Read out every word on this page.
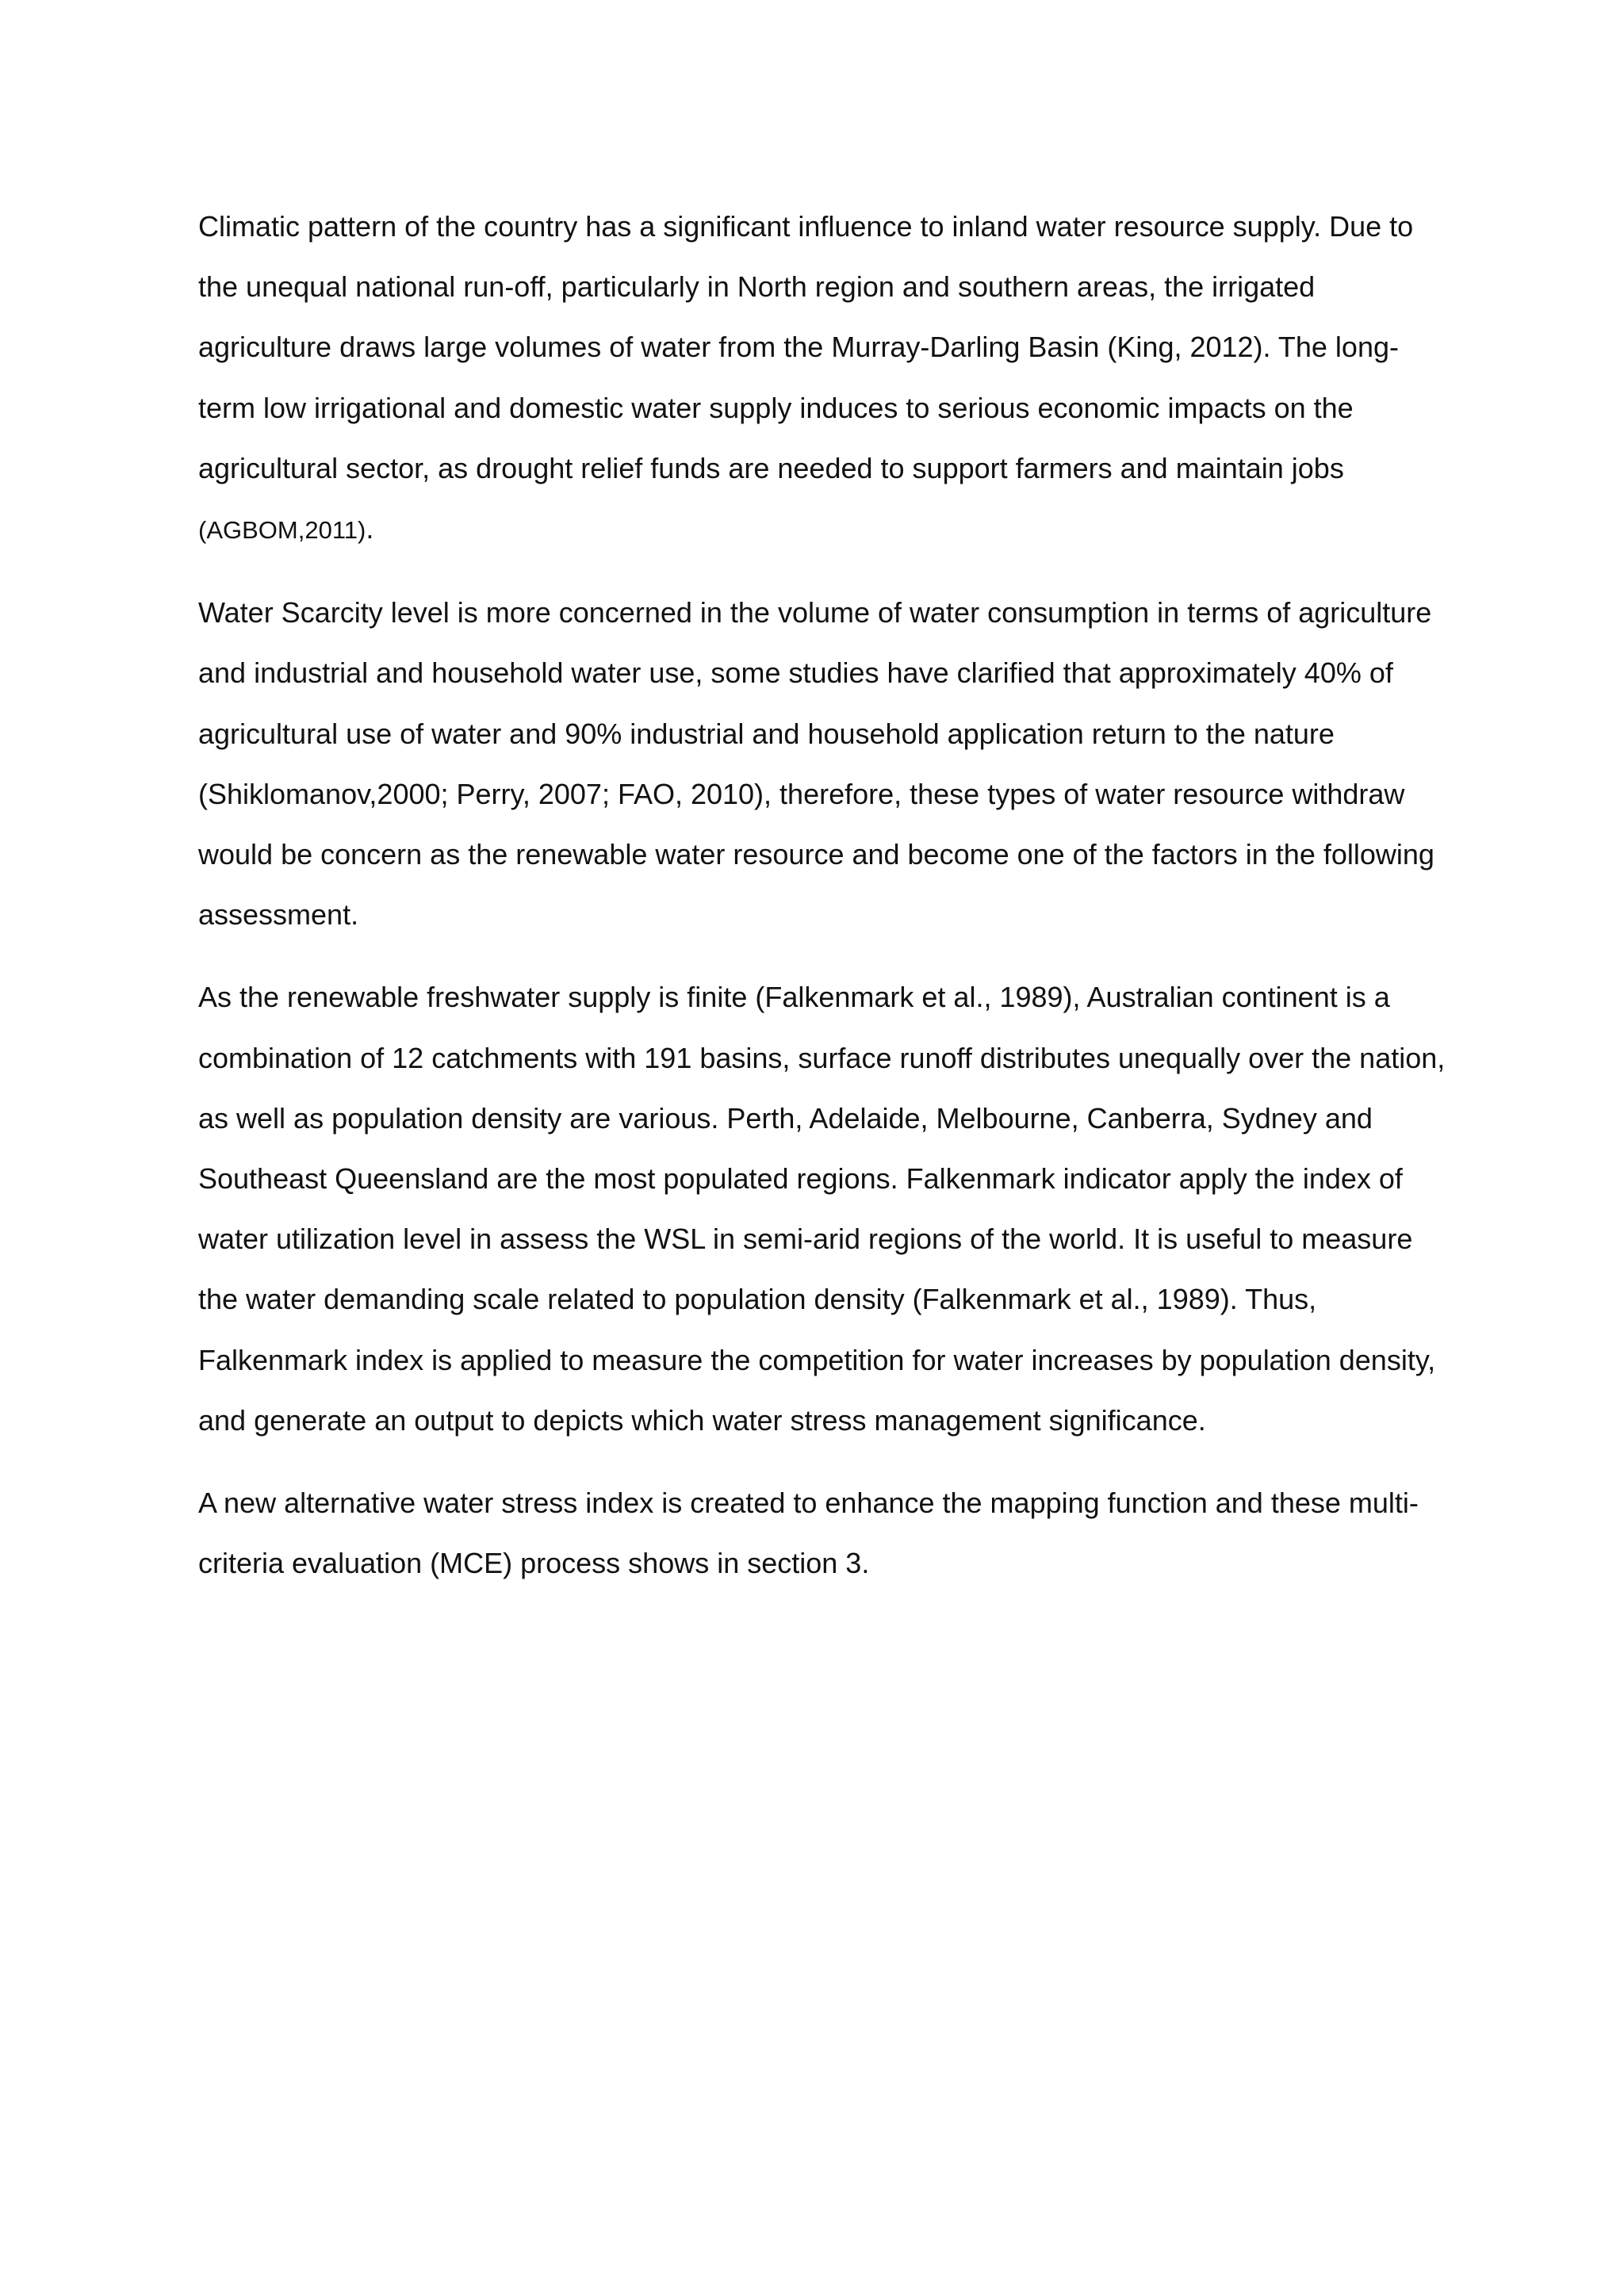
Climatic pattern of the country has a significant influence to inland water resource supply. Due to the unequal national run-off, particularly in North region and southern areas, the irrigated agriculture draws large volumes of water from the Murray-Darling Basin (King, 2012). The long-term low irrigational and domestic water supply induces to serious economic impacts on the agricultural sector, as drought relief funds are needed to support farmers and maintain jobs (AGBOM,2011).

Water Scarcity level is more concerned in the volume of water consumption in terms of agriculture and industrial and household water use, some studies have clarified that approximately 40% of agricultural use of water and 90% industrial and household application return to the nature (Shiklomanov,2000; Perry, 2007; FAO, 2010), therefore, these types of water resource withdraw would be concern as the renewable water resource and become one of the factors in the following assessment.

As the renewable freshwater supply is finite (Falkenmark et al., 1989), Australian continent is a combination of 12 catchments with 191 basins, surface runoff distributes unequally over the nation, as well as population density are various. Perth, Adelaide, Melbourne, Canberra, Sydney and Southeast Queensland are the most populated regions. Falkenmark indicator apply the index of water utilization level in assess the WSL in semi-arid regions of the world. It is useful to measure the water demanding scale related to population density (Falkenmark et al., 1989). Thus, Falkenmark index is applied to measure the competition for water increases by population density, and generate an output to depicts which water stress management significance.

A new alternative water stress index is created to enhance the mapping function and these multi-criteria evaluation (MCE) process shows in section 3.
